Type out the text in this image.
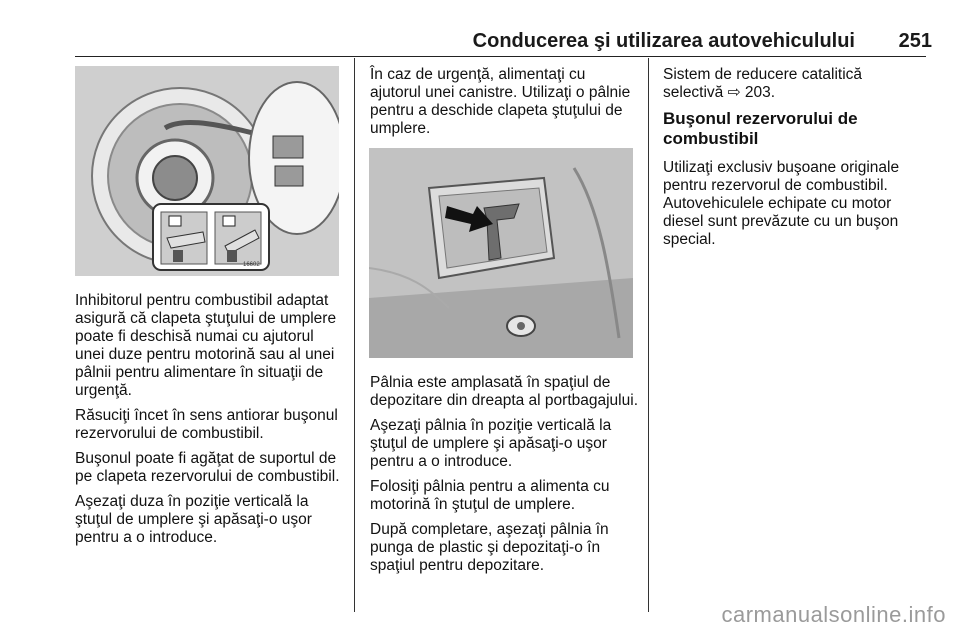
Conducerea şi utilizarea autovehiculului 251
16602

Inhibitorul pentru combustibil adaptat asigură că clapeta ştuţului de umplere poate fi deschisă numai cu ajutorul unei duze pentru motorină sau al unei pâlnii pentru alimentare în situaţii de urgenţă.

Răsuciţi încet în sens antiorar buşonul rezervorului de combustibil.

Buşonul poate fi agăţat de suportul de pe clapeta rezervorului de combustibil.

Aşezaţi duza în poziţie verticală la ştuţul de umplere şi apăsaţi-o uşor pentru a o introduce.

În caz de urgenţă, alimentaţi cu ajutorul unei canistre. Utilizaţi o pâlnie pentru a deschide clapeta ştuţului de umplere.

Pâlnia este amplasată în spaţiul de depozitare din dreapta al portbagajului.

Aşezaţi pâlnia în poziţie verticală la ştuţul de umplere şi apăsaţi-o uşor pentru a o introduce.

Folosiţi pâlnia pentru a alimenta cu motorină în ştuţul de umplere.

După completare, aşezaţi pâlnia în punga de plastic şi depozitaţi-o în spaţiul pentru depozitare.

Sistem de reducere catalitică selectivă ⇨ 203.

Buşonul rezervorului de combustibil

Utilizaţi exclusiv buşoane originale pentru rezervorul de combustibil. Autovehiculele echipate cu motor diesel sunt prevăzute cu un buşon special.

carmanualsonline.info
